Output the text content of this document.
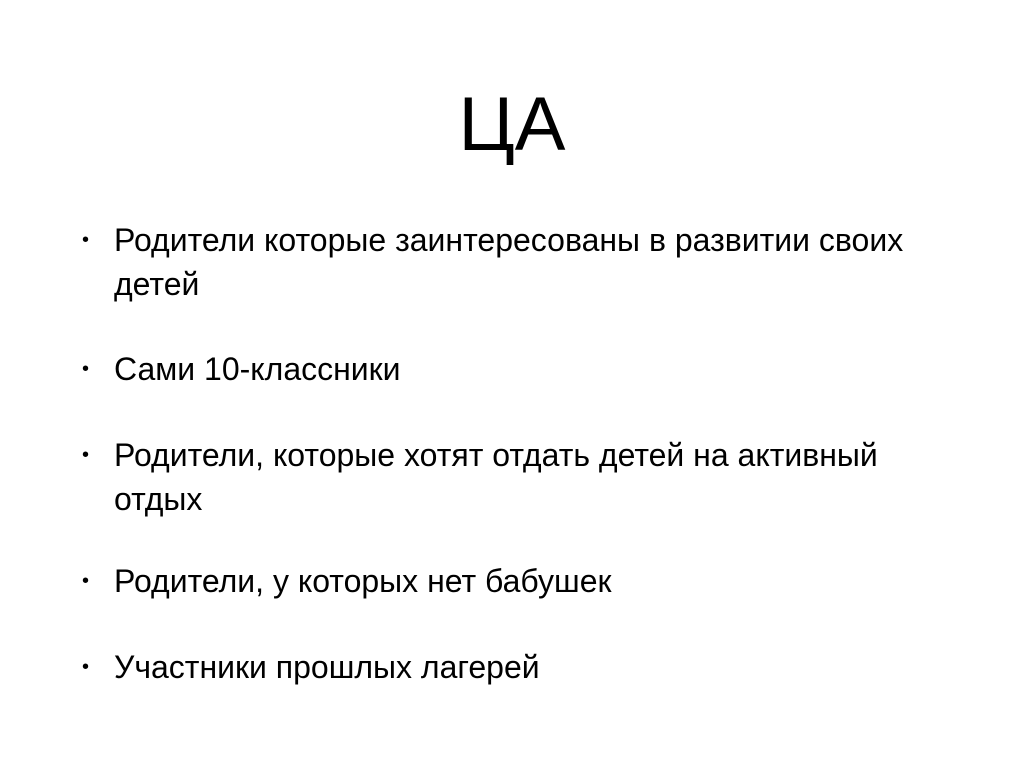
ЦА
• Родители которые заинтересованы в развитии своих детей
• Сами 10-классники
• Родители, которые хотят отдать детей на активный отдых
• Родители, у которых нет бабушек
• Участники прошлых лагерей
